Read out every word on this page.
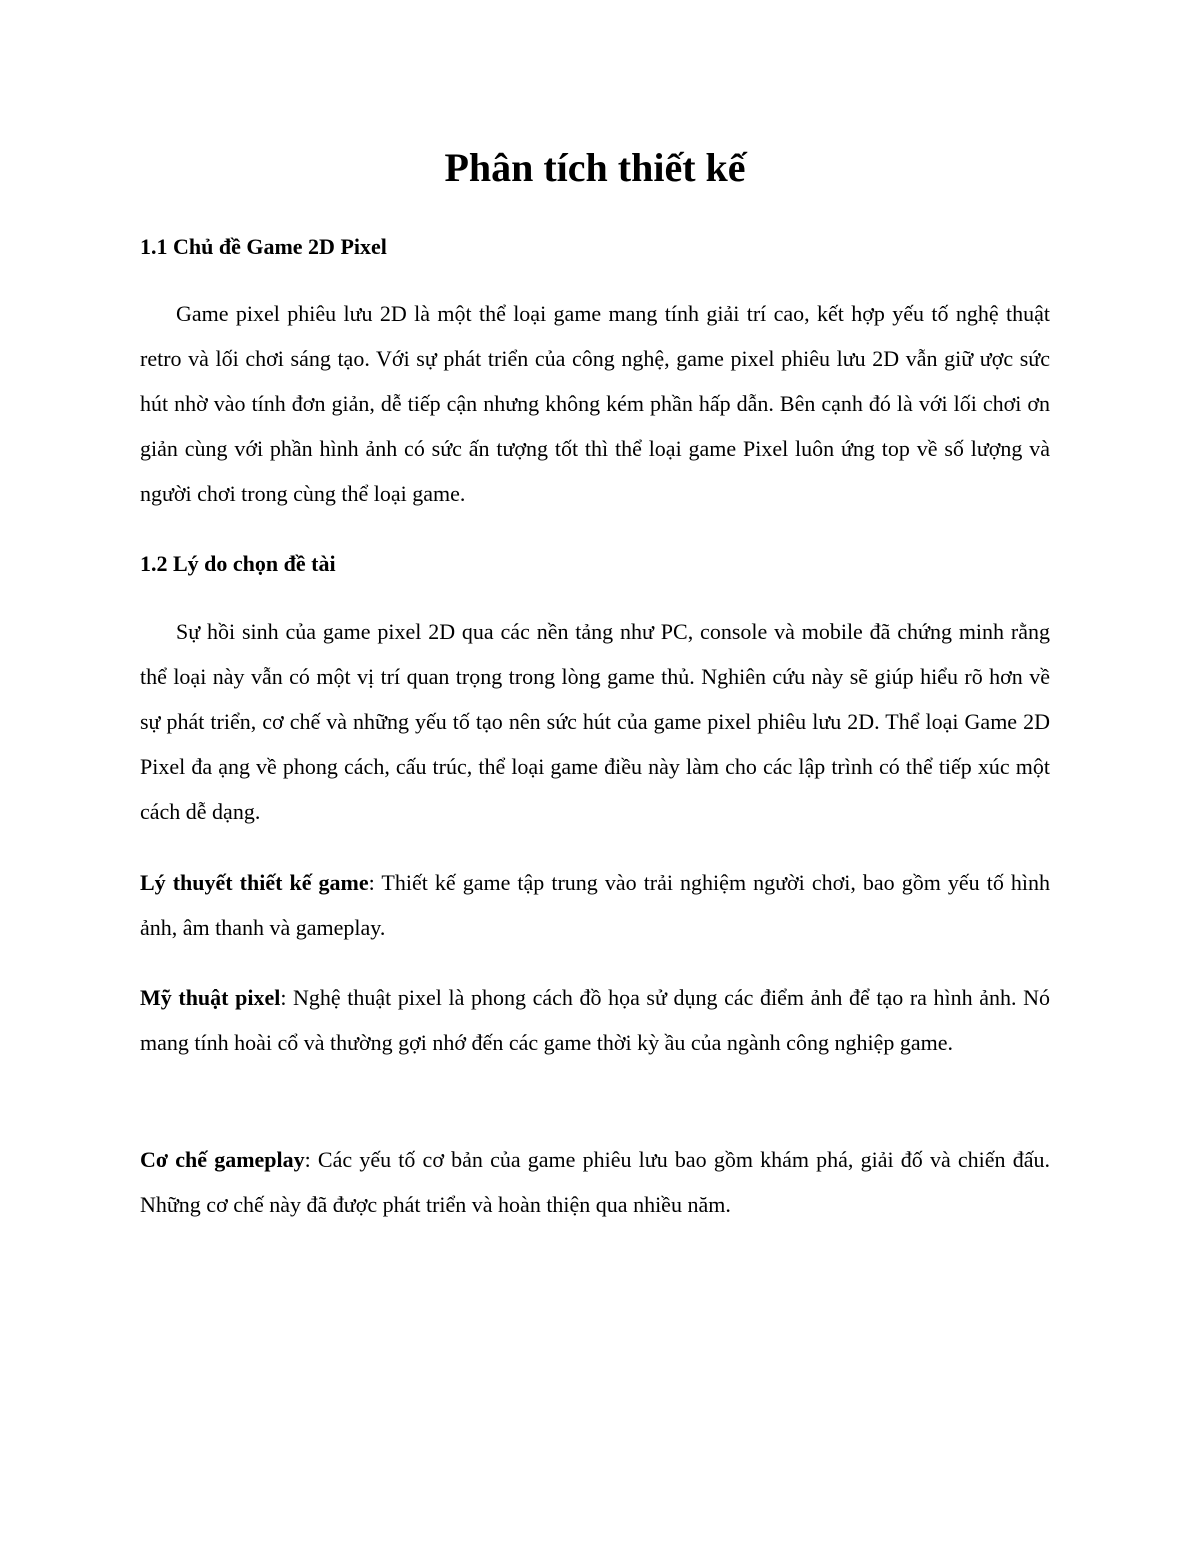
Phân tích thiết kế
1.1 Chủ đề Game 2D Pixel

Game pixel phiêu lưu 2D là một thể loại game mang tính giải trí cao, kết hợp yếu tố nghệ thuật retro và lối chơi sáng tạo. Với sự phát triển của công nghệ, game pixel phiêu lưu 2D vẫn giữ ược sức hút nhờ vào tính đơn giản, dễ tiếp cận nhưng không kém phần hấp dẫn. Bên cạnh đó là với lối chơi ơn giản cùng với phần hình ảnh có sức ấn tượng tốt thì thể loại game Pixel luôn ứng top về số lượng và người chơi trong cùng thể loại game.

1.2 Lý do chọn đề tài

Sự hồi sinh của game pixel 2D qua các nền tảng như PC, console và mobile đã chứng minh rằng thể loại này vẫn có một vị trí quan trọng trong lòng game thủ. Nghiên cứu này sẽ giúp hiểu rõ hơn về sự phát triển, cơ chế và những yếu tố tạo nên sức hút của game pixel phiêu lưu 2D. Thể loại Game 2D Pixel đa ạng về phong cách, cấu trúc, thể loại game điều này làm cho các lập trình có thể tiếp xúc một cách dễ dạng.

Lý thuyết thiết kế game: Thiết kế game tập trung vào trải nghiệm người chơi, bao gồm yếu tố hình ảnh, âm thanh và gameplay.

Mỹ thuật pixel: Nghệ thuật pixel là phong cách đồ họa sử dụng các điểm ảnh để tạo ra hình ảnh. Nó mang tính hoài cổ và thường gợi nhớ đến các game thời kỳ ầu của ngành công nghiệp game.

Cơ chế gameplay: Các yếu tố cơ bản của game phiêu lưu bao gồm khám phá, giải đố và chiến đấu. Những cơ chế này đã được phát triển và hoàn thiện qua nhiều năm.
